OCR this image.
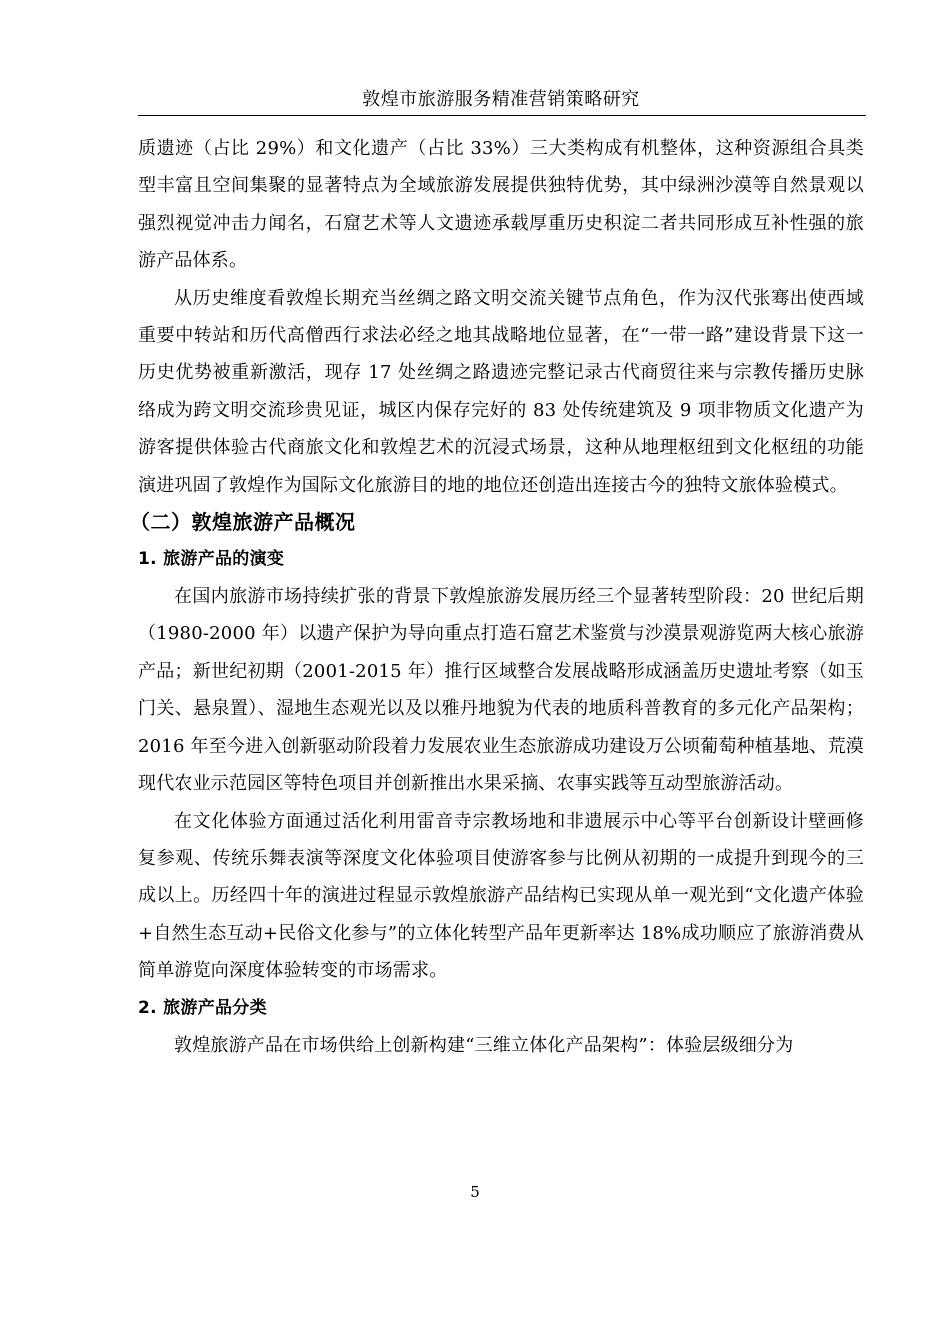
敦煌市旅游服务精准营销策略研究

质遗迹（占比 29%）和文化遗产（占比 33%）三大类构成有机整体，这种资源组合具类型丰富且空间集聚的显著特点为全域旅游发展提供独特优势，其中绿洲沙漠等自然景观以强烈视觉冲击力闻名，石窟艺术等人文遗迹承载厚重历史积淀二者共同形成互补性强的旅游产品体系。

从历史维度看敦煌长期充当丝绸之路文明交流关键节点角色，作为汉代张骞出使西域重要中转站和历代高僧西行求法必经之地其战略地位显著，在“一带一路”建设背景下这一历史优势被重新激活，现存 17 处丝绸之路遗迹完整记录古代商贸往来与宗教传播历史脉络成为跨文明交流珍贵见证，城区内保存完好的 83 处传统建筑及 9 项非物质文化遗产为游客提供体验古代商旅文化和敦煌艺术的沉浸式场景，这种从地理枢纽到文化枢纽的功能演进巩固了敦煌作为国际文化旅游目的地的地位还创造出连接古今的独特文旅体验模式。

（二）敦煌旅游产品概况
1. 旅游产品的演变

在国内旅游市场持续扩张的背景下敦煌旅游发展历经三个显著转型阶段：20 世纪后期（1980-2000 年）以遗产保护为导向重点打造石窟艺术鉴赏与沙漠景观游览两大核心旅游产品；新世纪初期（2001-2015 年）推行区域整合发展战略形成涵盖历史遗址考察（如玉门关、悬泉置）、湿地生态观光以及以雅丹地貌为代表的地质科普教育的多元化产品架构；2016 年至今进入创新驱动阶段着力发展农业生态旅游成功建设万公顷葡萄种植基地、荒漠现代农业示范园区等特色项目并创新推出水果采摘、农事实践等互动型旅游活动。

在文化体验方面通过活化利用雷音寺宗教场地和非遗展示中心等平台创新设计壁画修复参观、传统乐舞表演等深度文化体验项目使游客参与比例从初期的一成提升到现今的三成以上。历经四十年的演进过程显示敦煌旅游产品结构已实现从单一观光到“文化遗产体验+自然生态互动+民俗文化参与”的立体化转型产品年更新率达 18%成功顺应了旅游消费从简单游览向深度体验转变的市场需求。

2. 旅游产品分类

敦煌旅游产品在市场供给上创新构建“三维立体化产品架构”：体验层级细分为

5
